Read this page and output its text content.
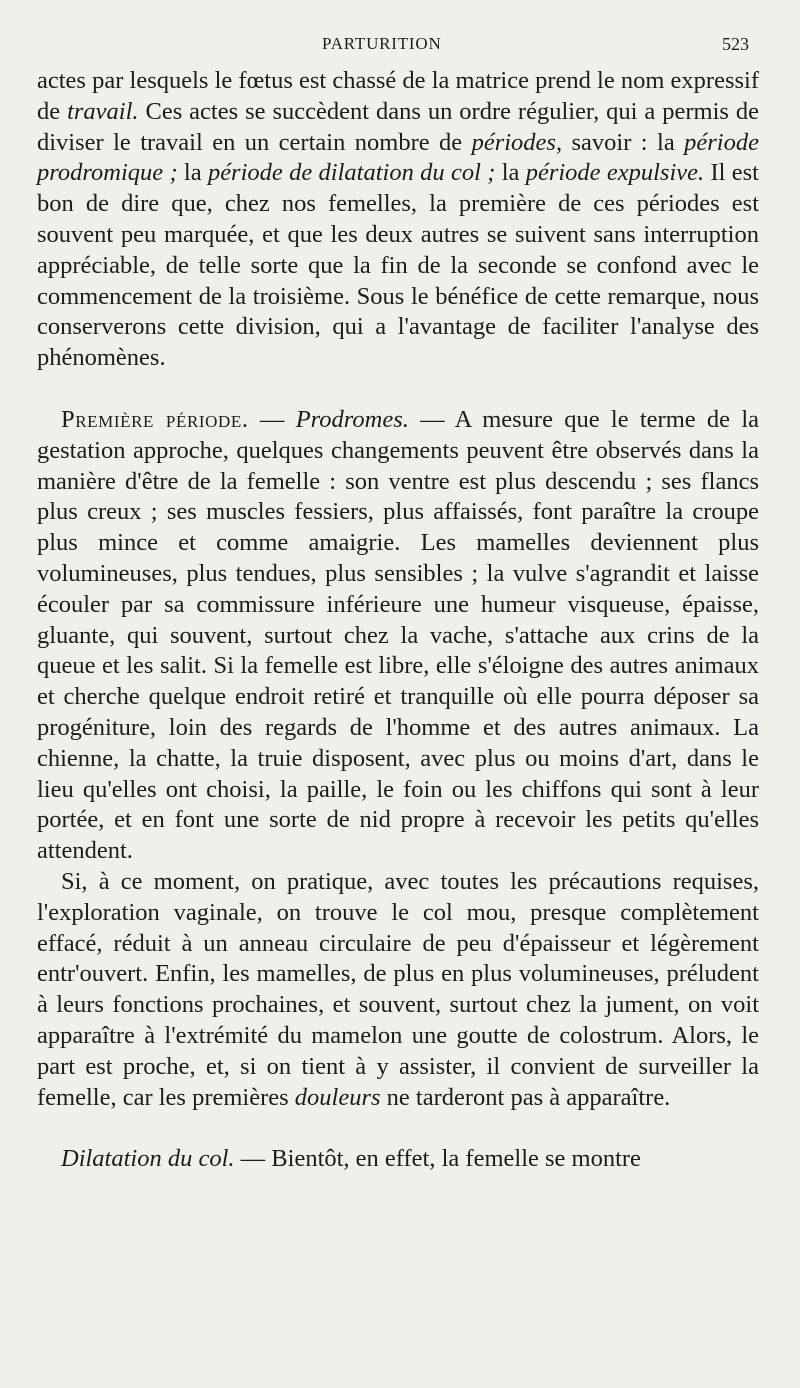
PARTURITION	523

actes par lesquels le fœtus est chassé de la matrice prend le nom expressif de travail. Ces actes se succèdent dans un ordre régulier, qui a permis de diviser le travail en un certain nombre de périodes, savoir : la période prodromique ; la période de dilatation du col ; la période expulsive. Il est bon de dire que, chez nos femelles, la première de ces périodes est souvent peu marquée, et que les deux autres se suivent sans interruption appréciable, de telle sorte que la fin de la seconde se confond avec le commencement de la troisième. Sous le bénéfice de cette remarque, nous conserverons cette division, qui a l'avantage de faciliter l'analyse des phénomènes.

Première période. — Prodromes. — A mesure que le terme de la gestation approche, quelques changements peuvent être observés dans la manière d'être de la femelle : son ventre est plus descendu ; ses flancs plus creux ; ses muscles fessiers, plus affaissés, font paraître la croupe plus mince et comme amaigrie. Les mamelles deviennent plus volumineuses, plus tendues, plus sensibles ; la vulve s'agrandit et laisse écouler par sa commissure inférieure une humeur visqueuse, épaisse, gluante, qui souvent, surtout chez la vache, s'attache aux crins de la queue et les salit. Si la femelle est libre, elle s'éloigne des autres animaux et cherche quelque endroit retiré et tranquille où elle pourra déposer sa progéniture, loin des regards de l'homme et des autres animaux. La chienne, la chatte, la truie disposent, avec plus ou moins d'art, dans le lieu qu'elles ont choisi, la paille, le foin ou les chiffons qui sont à leur portée, et en font une sorte de nid propre à recevoir les petits qu'elles attendent.

Si, à ce moment, on pratique, avec toutes les précautions requises, l'exploration vaginale, on trouve le col mou, presque complètement effacé, réduit à un anneau circulaire de peu d'épaisseur et légèrement entr'ouvert. Enfin, les mamelles, de plus en plus volumineuses, préludent à leurs fonctions prochaines, et souvent, surtout chez la jument, on voit apparaître à l'extrémité du mamelon une goutte de colostrum. Alors, le part est proche, et, si on tient à y assister, il convient de surveiller la femelle, car les premières douleurs ne tarderont pas à apparaître.

Dilatation du col. — Bientôt, en effet, la femelle se montre
